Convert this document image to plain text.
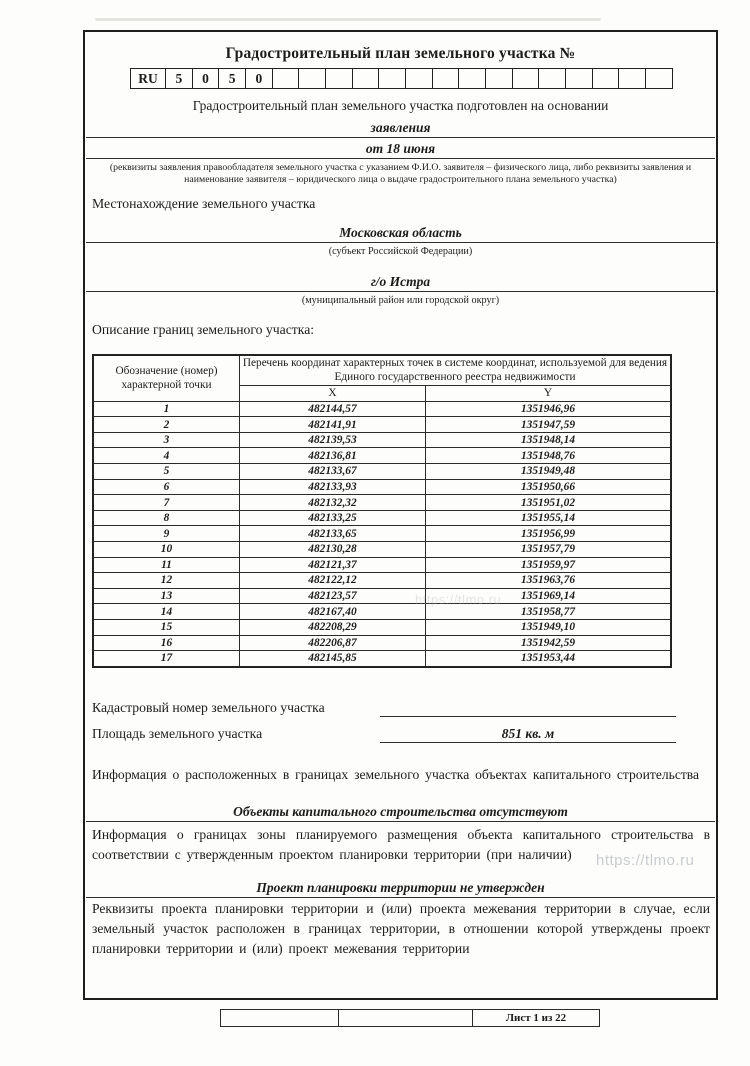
Градостроительный план земельного участка №
RU	5	0	5	0															
Градостроительный план земельного участка подготовлен на основании
заявления
от 18 июня
(реквизиты заявления правообладателя земельного участка с указанием Ф.И.О. заявителя – физического лица, либо реквизиты заявления и наименование заявителя – юридического лица о выдаче градостроительного плана земельного участка)
Местонахождение земельного участка
Московская область
(субъект Российской Федерации)
г/о Истра
(муниципальный район или городской округ)
Описание границ земельного участка:
Обозначение (номер) характерной точки	Перечень координат характерных точек в системе координат, используемой для ведения Единого государственного реестра недвижимости	
	X	Y
1	482144,57	1351946,96
2	482141,91	1351947,59
3	482139,53	1351948,14
4	482136,81	1351948,76
5	482133,67	1351949,48
6	482133,93	1351950,66
7	482132,32	1351951,02
8	482133,25	1351955,14
9	482133,65	1351956,99
10	482130,28	1351957,79
11	482121,37	1351959,97
12	482122,12	1351963,76
13	482123,57	1351969,14
14	482167,40	1351958,77
15	482208,29	1351949,10
16	482206,87	1351942,59
17	482145,85	1351953,44
Кадастровый номер земельного участка
Площадь земельного участка	851 кв. м
Информация о расположенных в границах земельного участка объектах капитального строительства
Объекты капитального строительства отсутствуют
Информация о границах зоны планируемого размещения объекта капитального строительства в соответствии с утвержденным проектом планировки территории (при наличии)
Проект планировки территории не утвержден
Реквизиты проекта планировки территории и (или) проекта межевания территории в случае, если земельный участок расположен в границах территории, в отношении которой утверждены проект планировки территории и (или) проект межевания территории
		Лист 1 из 22
https://tlmo.ru
https://tlmo.ru
